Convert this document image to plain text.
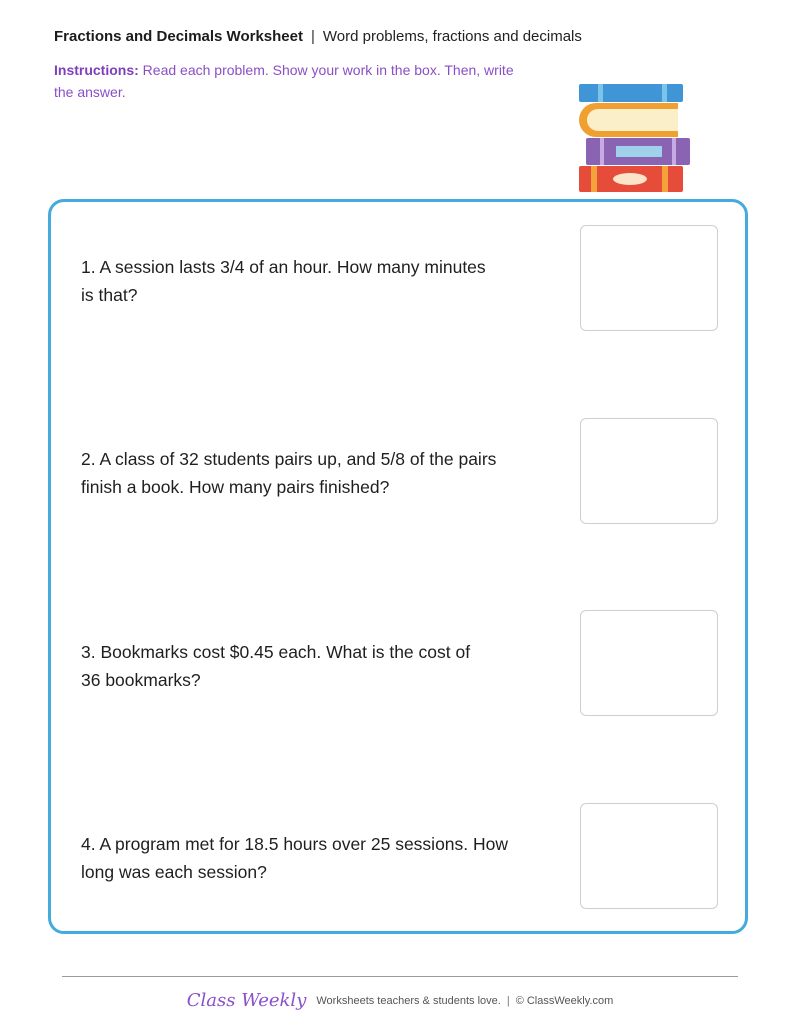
Fractions and Decimals Worksheet | Word problems, fractions and decimals
Instructions: Read each problem. Show your work in the box. Then, write the answer.
1. A session lasts 3/4 of an hour. How many minutes
is that?
2. A class of 32 students pairs up, and 5/8 of the pairs
finish a book. How many pairs finished?
3. Bookmarks cost $0.45 each. What is the cost of
36 bookmarks?
4. A program met for 18.5 hours over 25 sessions. How
long was each session?
Class Weekly Worksheets teachers & students love. | © ClassWeekly.com
